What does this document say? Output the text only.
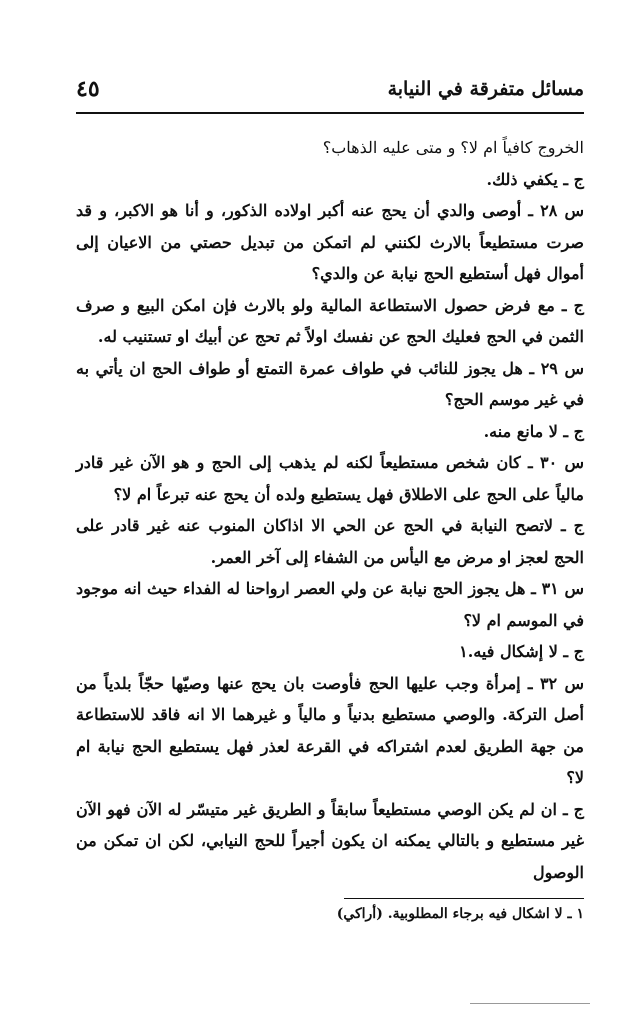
مسائل متفرقة في النيابة
٤٥

الخروج كافياً ام لا؟ و متى عليه الذهاب؟

ج ـ يكفي ذلك.

س ٢٨ ـ أوصى والدي أن يحج عنه أكبر اولاده الذكور، و أنا هو الاكبر، و قد صرت مستطيعاً بالارث لكنني لم اتمكن من تبديل حصتي من الاعيان إلى أموال فهل أستطيع الحج نيابة عن والدي؟

ج ـ مع فرض حصول الاستطاعة المالية ولو بالارث فإن امكن البيع و صرف الثمن في الحج فعليك الحج عن نفسك اولاً ثم تحج عن أبيك او تستنيب له.

س ٢٩ ـ هل يجوز للنائب في طواف عمرة التمتع أو طواف الحج ان يأتي به في غير موسم الحج؟

ج ـ لا مانع منه.

س ٣٠ ـ كان شخص مستطيعاً لكنه لم يذهب إلى الحج و هو الآن غير قادر مالياً على الحج على الاطلاق فهل يستطيع ولده أن يحج عنه تبرعاً ام لا؟

ج ـ لاتصح النيابة في الحج عن الحي الا اذاكان المنوب عنه غير قادر على الحج لعجز او مرض مع اليأس من الشفاء إلى آخر العمر.

س ٣١ ـ هل يجوز الحج نيابة عن ولي العصر ارواحنا له الفداء حيث انه موجود في الموسم ام لا؟

ج ـ لا إشكال فيه.١

س ٣٢ ـ إمرأة وجب عليها الحج فأوصت بان يحج عنها وصيّها حجّاً بلدياً من أصل التركة. والوصي مستطيع بدنياً و مالياً و غيرهما الا انه فاقد للاستطاعة من جهة الطريق لعدم اشتراكه في القرعة لعذر فهل يستطيع الحج نيابة ام لا؟

ج ـ ان لم يكن الوصي مستطيعاً سابقاً و الطريق غير متيسّر له الآن فهو الآن غير مستطيع و بالتالي يمكنه ان يكون أجيراً للحج النيابي، لكن ان تمكن من الوصول

١ ـ لا اشكال فيه برجاء المطلوبية. (أراكي)
